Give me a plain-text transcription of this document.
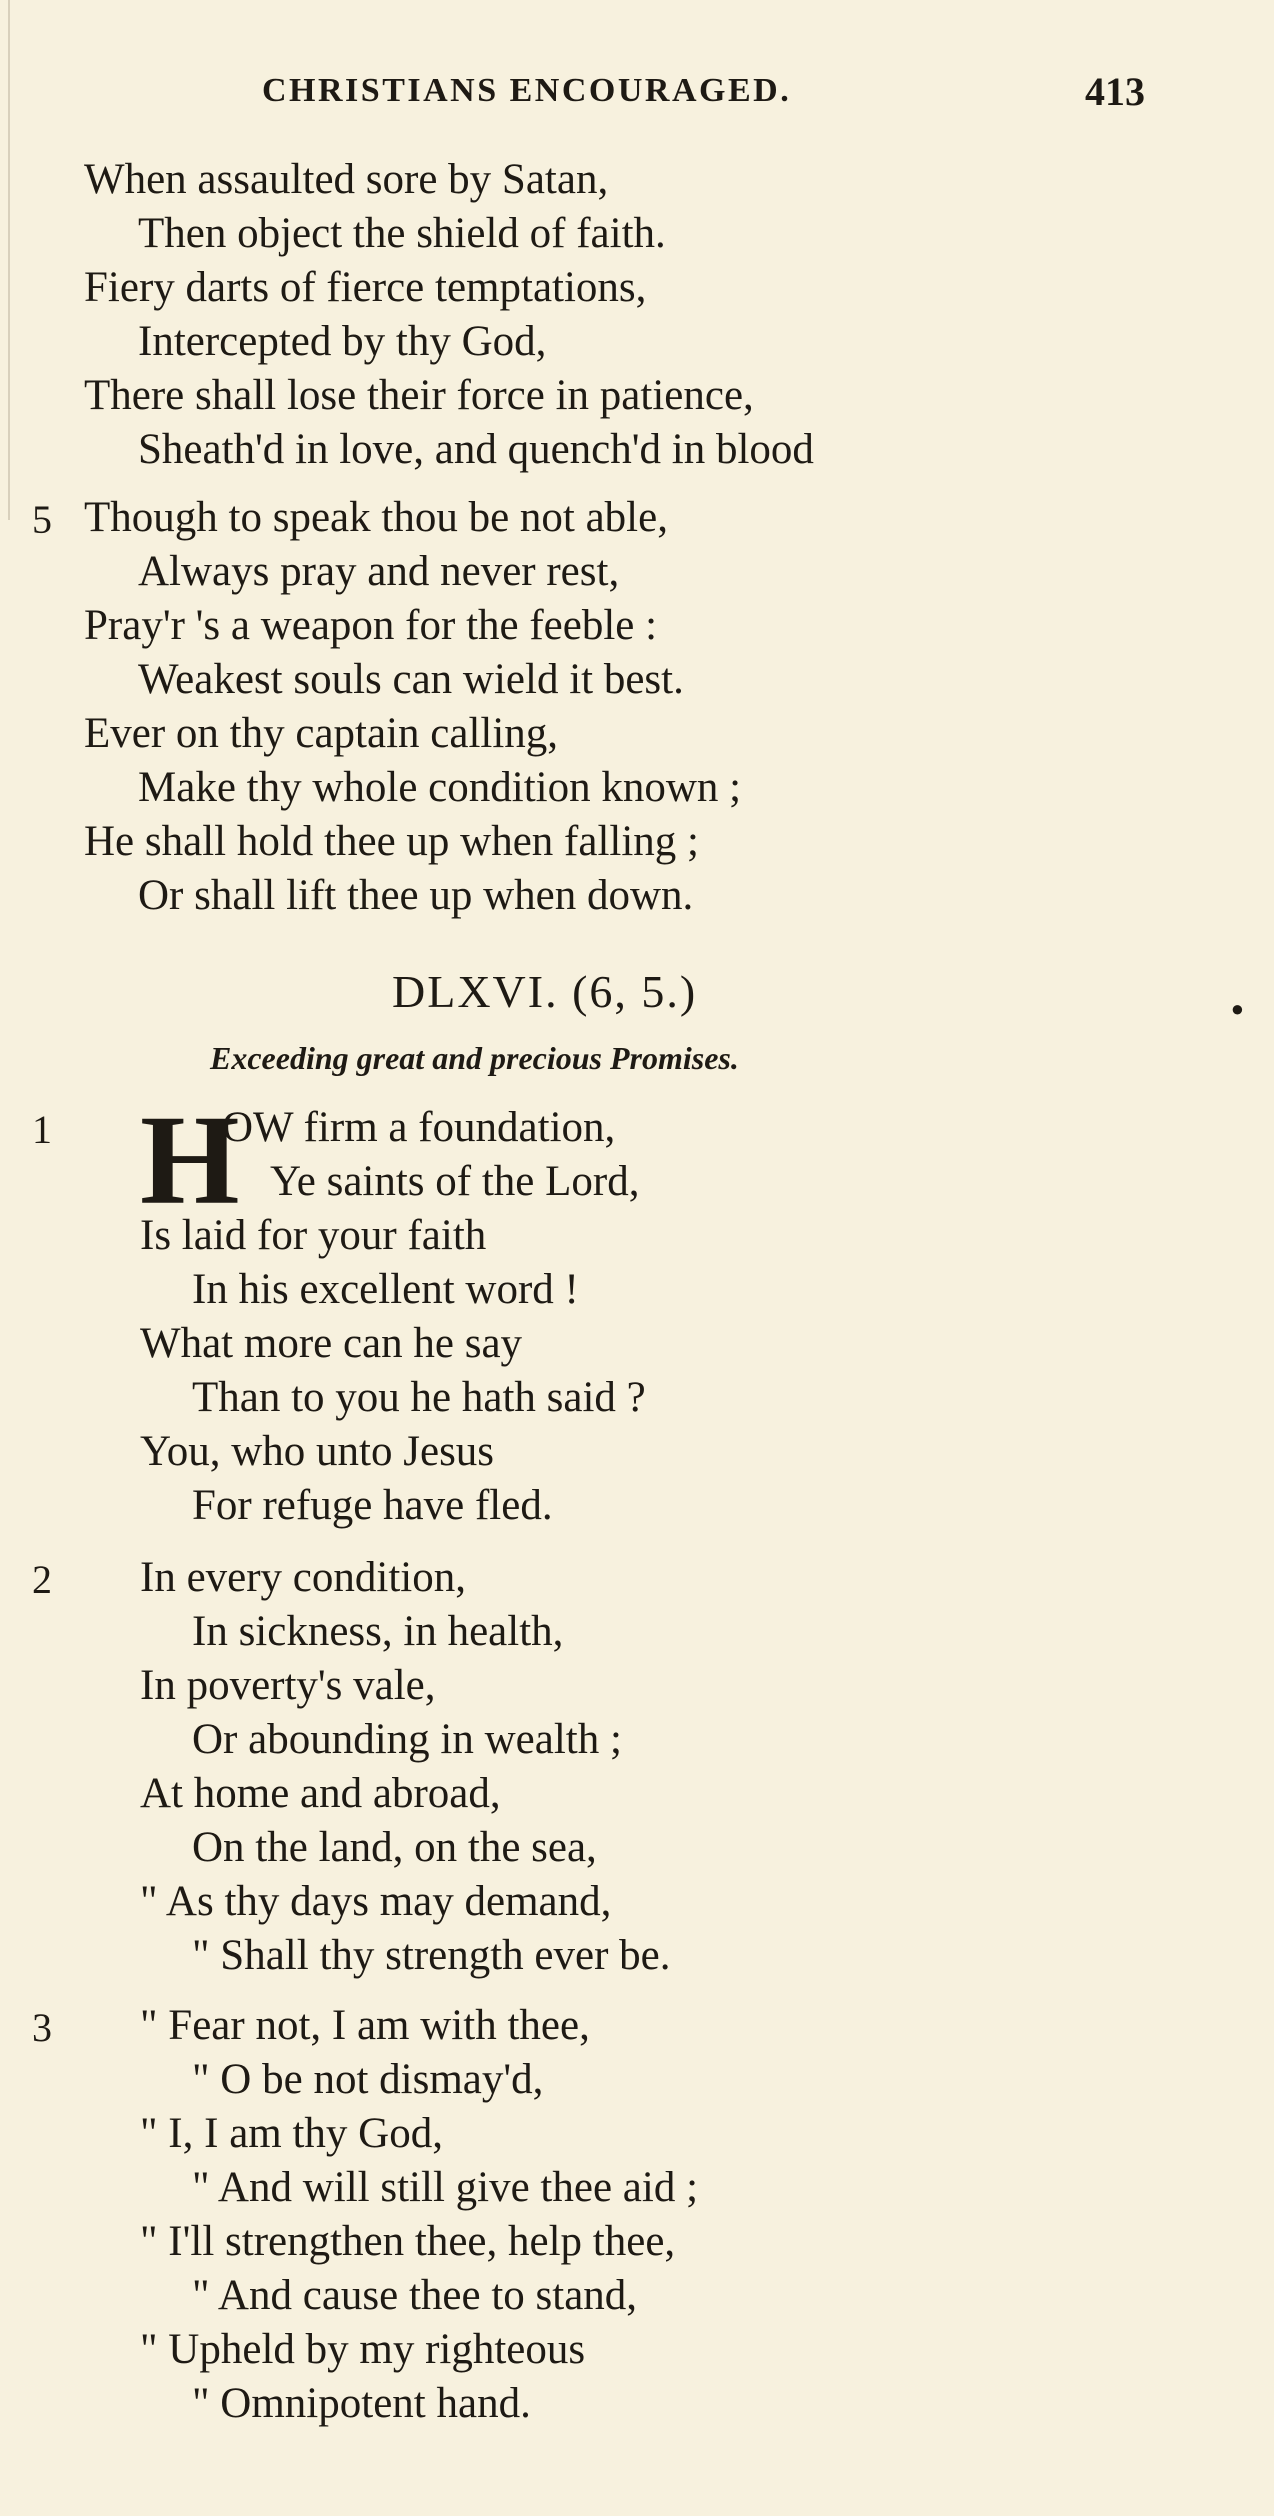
CHRISTIANS ENCOURAGED.	413
When assaulted sore by Satan,
Then object the shield of faith.
Fiery darts of fierce temptations,
Intercepted by thy God,
There shall lose their force in patience,
Sheath'd in love, and quench'd in blood
5 Though to speak thou be not able,
Always pray and never rest,
Pray'r 's a weapon for the feeble :
Weakest souls can wield it best.
Ever on thy captain calling,
Make thy whole condition known ;
He shall hold thee up when falling ;
Or shall lift thee up when down.
DLXVI. (6, 5.)	●
Exceeding great and precious Promises.
1 H
OW firm a foundation,
Ye saints of the Lord,
Is laid for your faith
In his excellent word !
What more can he say
Than to you he hath said ?
You, who unto Jesus
For refuge have fled.
2 In every condition,
In sickness, in health,
In poverty's vale,
Or abounding in wealth ;
At home and abroad,
On the land, on the sea,
" As thy days may demand,
" Shall thy strength ever be.
3 " Fear not, I am with thee,
" O be not dismay'd,
" I, I am thy God,
" And will still give thee aid ;
" I'll strengthen thee, help thee,
" And cause thee to stand,
" Upheld by my righteous
" Omnipotent hand.
